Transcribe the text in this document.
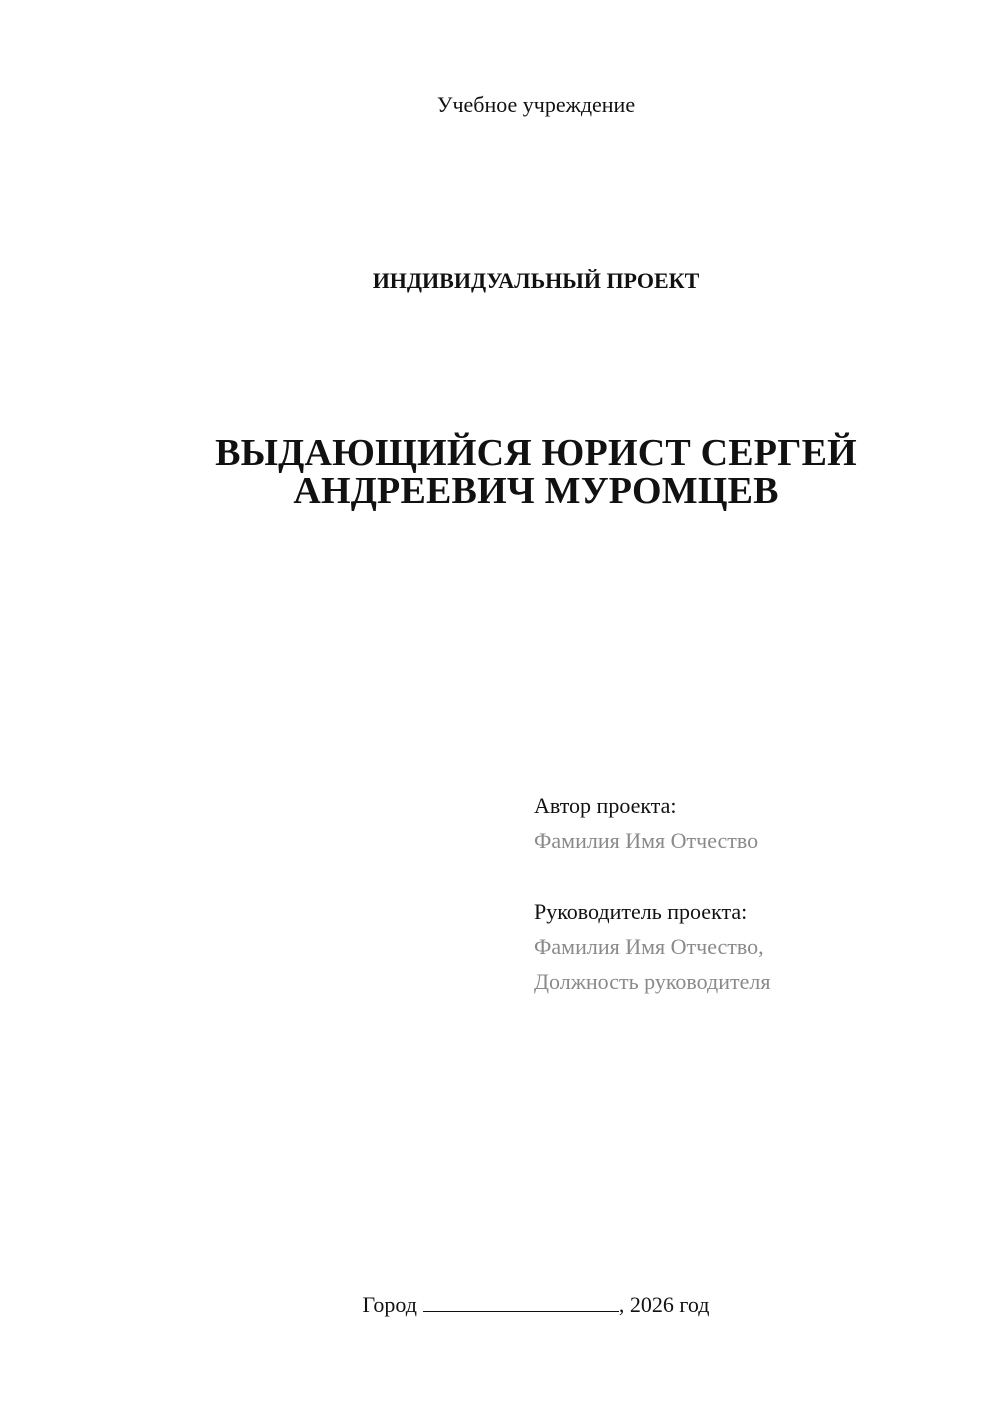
Учебное учреждение
ИНДИВИДУАЛЬНЫЙ ПРОЕКТ
ВЫДАЮЩИЙСЯ ЮРИСТ СЕРГЕЙ
АНДРЕЕВИЧ МУРОМЦЕВ
Автор проекта:
Фамилия Имя Отчество
Руководитель проекта:
Фамилия Имя Отчество,
Должность руководителя
Город	, 2026 год
